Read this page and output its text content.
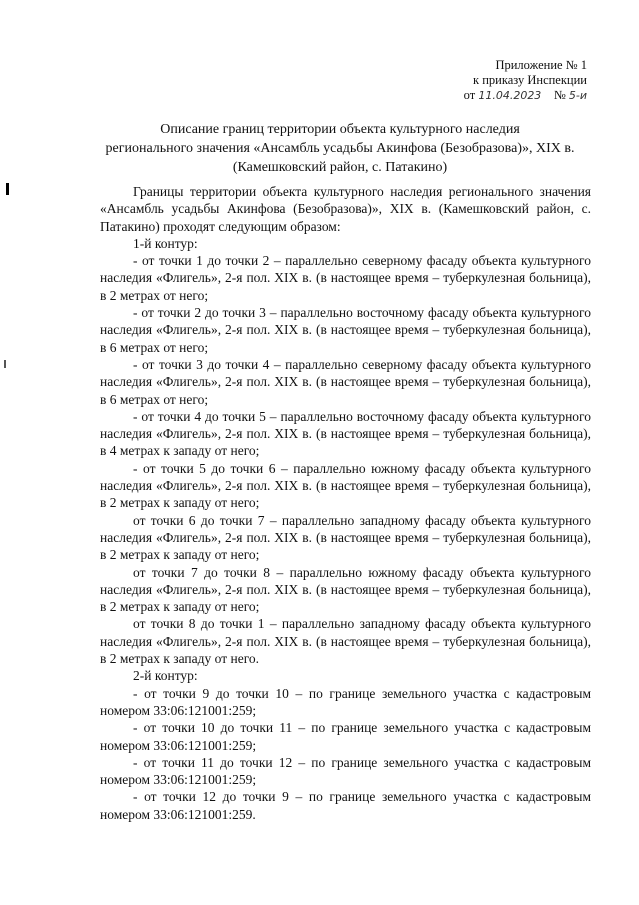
Приложение № 1
к приказу Инспекции
от 11.04.2023 № 5-и
Описание границ территории объекта культурного наследия
регионального значения «Ансамбль усадьбы Акинфова (Безобразова)», XIX в.
(Камешковский район, с. Патакино)

Границы территории объекта культурного наследия регионального значения «Ансамбль усадьбы Акинфова (Безобразова)», XIX в. (Камешковский район, с. Патакино) проходят следующим образом:

1-й контур:

- от точки 1 до точки 2 – параллельно северному фасаду объекта культурного наследия «Флигель», 2-я пол. XIX в. (в настоящее время – туберкулезная больница), в 2 метрах от него;

- от точки 2 до точки 3 – параллельно восточному фасаду объекта культурного наследия «Флигель», 2-я пол. XIX в. (в настоящее время – туберкулезная больница), в 6 метрах от него;

- от точки 3 до точки 4 – параллельно северному фасаду объекта культурного наследия «Флигель», 2-я пол. XIX в. (в настоящее время – туберкулезная больница), в 6 метрах от него;

- от точки 4 до точки 5 – параллельно восточному фасаду объекта культурного наследия «Флигель», 2-я пол. XIX в. (в настоящее время – туберкулезная больница), в 4 метрах к западу от него;

- от точки 5 до точки 6 – параллельно южному фасаду объекта культурного наследия «Флигель», 2-я пол. XIX в. (в настоящее время – туберкулезная больница), в 2 метрах к западу от него;

от точки 6 до точки 7 – параллельно западному фасаду объекта культурного наследия «Флигель», 2-я пол. XIX в. (в настоящее время – туберкулезная больница), в 2 метрах к западу от него;

от точки 7 до точки 8 – параллельно южному фасаду объекта культурного наследия «Флигель», 2-я пол. XIX в. (в настоящее время – туберкулезная больница), в 2 метрах к западу от него;

от точки 8 до точки 1 – параллельно западному фасаду объекта культурного наследия «Флигель», 2-я пол. XIX в. (в настоящее время – туберкулезная больница), в 2 метрах к западу от него.

2-й контур:

- от точки 9 до точки 10 – по границе земельного участка с кадастровым номером 33:06:121001:259;

- от точки 10 до точки 11 – по границе земельного участка с кадастровым номером 33:06:121001:259;

- от точки 11 до точки 12 – по границе земельного участка с кадастровым номером 33:06:121001:259;

- от точки 12 до точки 9 – по границе земельного участка с кадастровым номером 33:06:121001:259.
